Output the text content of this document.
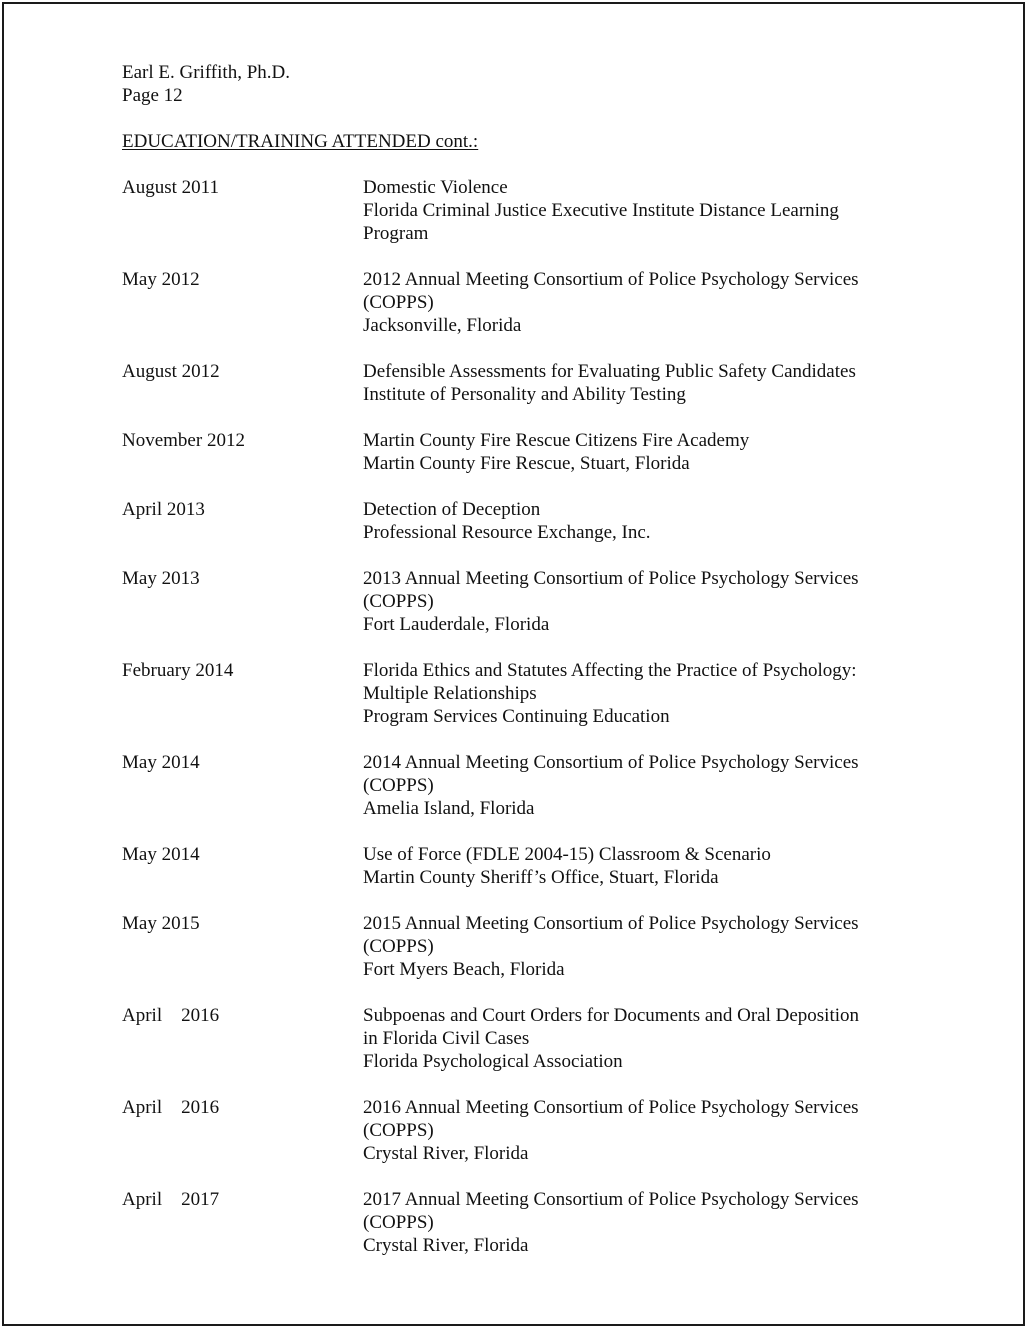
Earl E. Griffith, Ph.D.
Page 12
EDUCATION/TRAINING ATTENDED cont.:
August 2011	Domestic Violence
Florida Criminal Justice Executive Institute Distance Learning
Program
May 2012	2012 Annual Meeting Consortium of Police Psychology Services
(COPPS)
Jacksonville, Florida
August 2012	Defensible Assessments for Evaluating Public Safety Candidates
Institute of Personality and Ability Testing
November 2012	Martin County Fire Rescue Citizens Fire Academy
Martin County Fire Rescue, Stuart, Florida
April 2013	Detection of Deception
Professional Resource Exchange, Inc.
May 2013	2013 Annual Meeting Consortium of Police Psychology Services
(COPPS)
Fort Lauderdale, Florida
February 2014	Florida Ethics and Statutes Affecting the Practice of Psychology:
Multiple Relationships
Program Services Continuing Education
May 2014	2014 Annual Meeting Consortium of Police Psychology Services
(COPPS)
Amelia Island, Florida
May 2014	Use of Force (FDLE 2004-15) Classroom & Scenario
Martin County Sheriff’s Office, Stuart, Florida
May 2015	2015 Annual Meeting Consortium of Police Psychology Services
(COPPS)
Fort Myers Beach, Florida
April    2016	Subpoenas and Court Orders for Documents and Oral Deposition
in Florida Civil Cases
Florida Psychological Association
April    2016	2016 Annual Meeting Consortium of Police Psychology Services
(COPPS)
Crystal River, Florida
April    2017	2017 Annual Meeting Consortium of Police Psychology Services
(COPPS)
Crystal River, Florida
